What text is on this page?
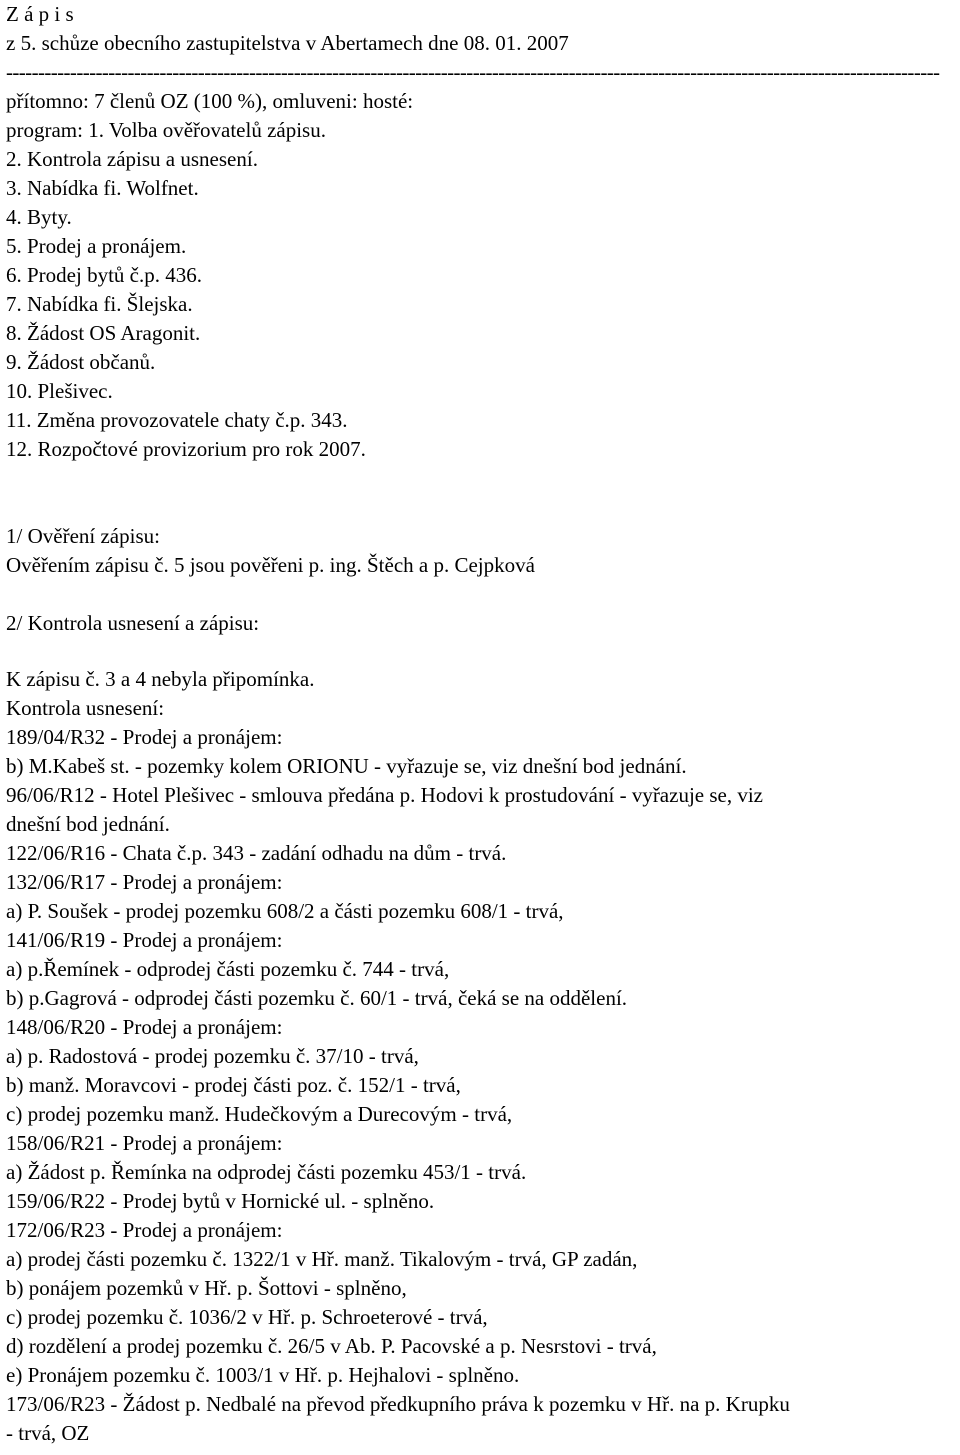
Z á p i s
z 5. schůze obecního zastupitelstva v Abertamech dne 08. 01. 2007
--------------------------------------------------------------------------------------------------------------------------------------------------
přítomno: 7 členů OZ (100 %), omluveni: hosté:
program: 1. Volba ověřovatelů zápisu.
2. Kontrola zápisu a usnesení.
3. Nabídka fi. Wolfnet.
4. Byty.
5. Prodej a pronájem.
6. Prodej bytů č.p. 436.
7. Nabídka fi. Šlejska.
8. Žádost OS Aragonit.
9. Žádost občanů.
10. Plešivec.
11. Změna provozovatele chaty č.p. 343.
12. Rozpočtové provizorium pro rok 2007.
1/ Ověření zápisu:
Ověřením zápisu č. 5 jsou pověřeni p. ing. Štěch a p. Cejpková
2/ Kontrola usnesení a zápisu:
K zápisu č. 3 a 4 nebyla připomínka.
Kontrola usnesení:
189/04/R32 - Prodej a pronájem:
b) M.Kabeš st. - pozemky kolem ORIONU - vyřazuje se, viz dnešní bod jednání.
96/06/R12 - Hotel Plešivec - smlouva předána p. Hodovi k prostudování - vyřazuje se, viz
dnešní bod jednání.
122/06/R16 - Chata č.p. 343 - zadání odhadu na dům - trvá.
132/06/R17 - Prodej a pronájem:
a) P. Soušek - prodej pozemku 608/2 a části pozemku 608/1 - trvá,
141/06/R19 - Prodej a pronájem:
a) p.Řemínek - odprodej části pozemku č. 744 - trvá,
b) p.Gagrová - odprodej části pozemku č. 60/1 - trvá, čeká se na oddělení.
148/06/R20 - Prodej a pronájem:
a) p. Radostová - prodej pozemku č. 37/10 - trvá,
b) manž. Moravcovi - prodej části poz. č. 152/1 - trvá,
c) prodej pozemku manž. Hudečkovým a Durecovým - trvá,
158/06/R21 - Prodej a pronájem:
a) Žádost p. Řemínka na odprodej části pozemku 453/1 - trvá.
159/06/R22 - Prodej bytů v Hornické ul. - splněno.
172/06/R23 - Prodej a pronájem:
a) prodej části pozemku č. 1322/1 v Hř. manž. Tikalovým - trvá, GP zadán,
b) ponájem pozemků v Hř. p. Šottovi - splněno,
c) prodej pozemku č. 1036/2 v Hř. p. Schroeterové - trvá,
d) rozdělení a prodej pozemku č. 26/5 v Ab. P. Pacovské a p. Nesrstovi - trvá,
e) Pronájem pozemku č. 1003/1 v Hř. p. Hejhalovi - splněno.
173/06/R23 - Žádost p. Nedbalé na převod předkupního práva k pozemku v Hř. na p. Krupku
- trvá, OZ
